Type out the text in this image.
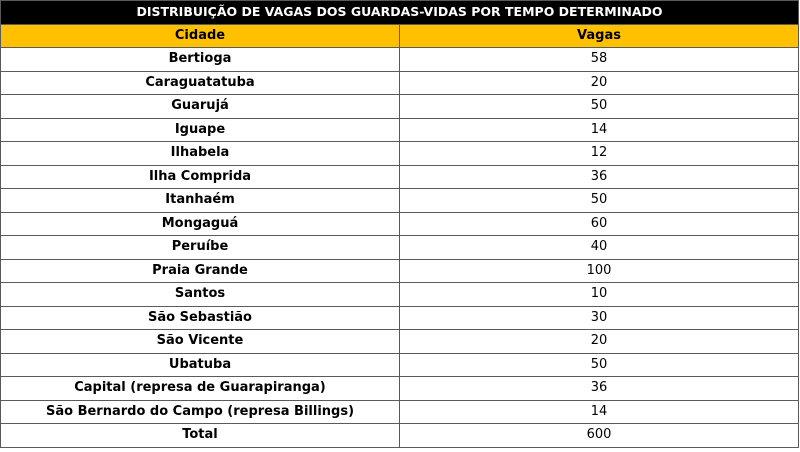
DISTRIBUIÇÃO DE VAGAS DOS GUARDAS-VIDAS POR TEMPO DETERMINADO	
Cidade	Vagas
Bertioga	58
Caraguatatuba	20
Guarujá	50
Iguape	14
Ilhabela	12
Ilha Comprida	36
Itanhaém	50
Mongaguá	60
Peruíbe	40
Praia Grande	100
Santos	10
São Sebastião	30
São Vicente	20
Ubatuba	50
Capital (represa de Guarapiranga)	36
São Bernardo do Campo (represa Billings)	14
Total	600
